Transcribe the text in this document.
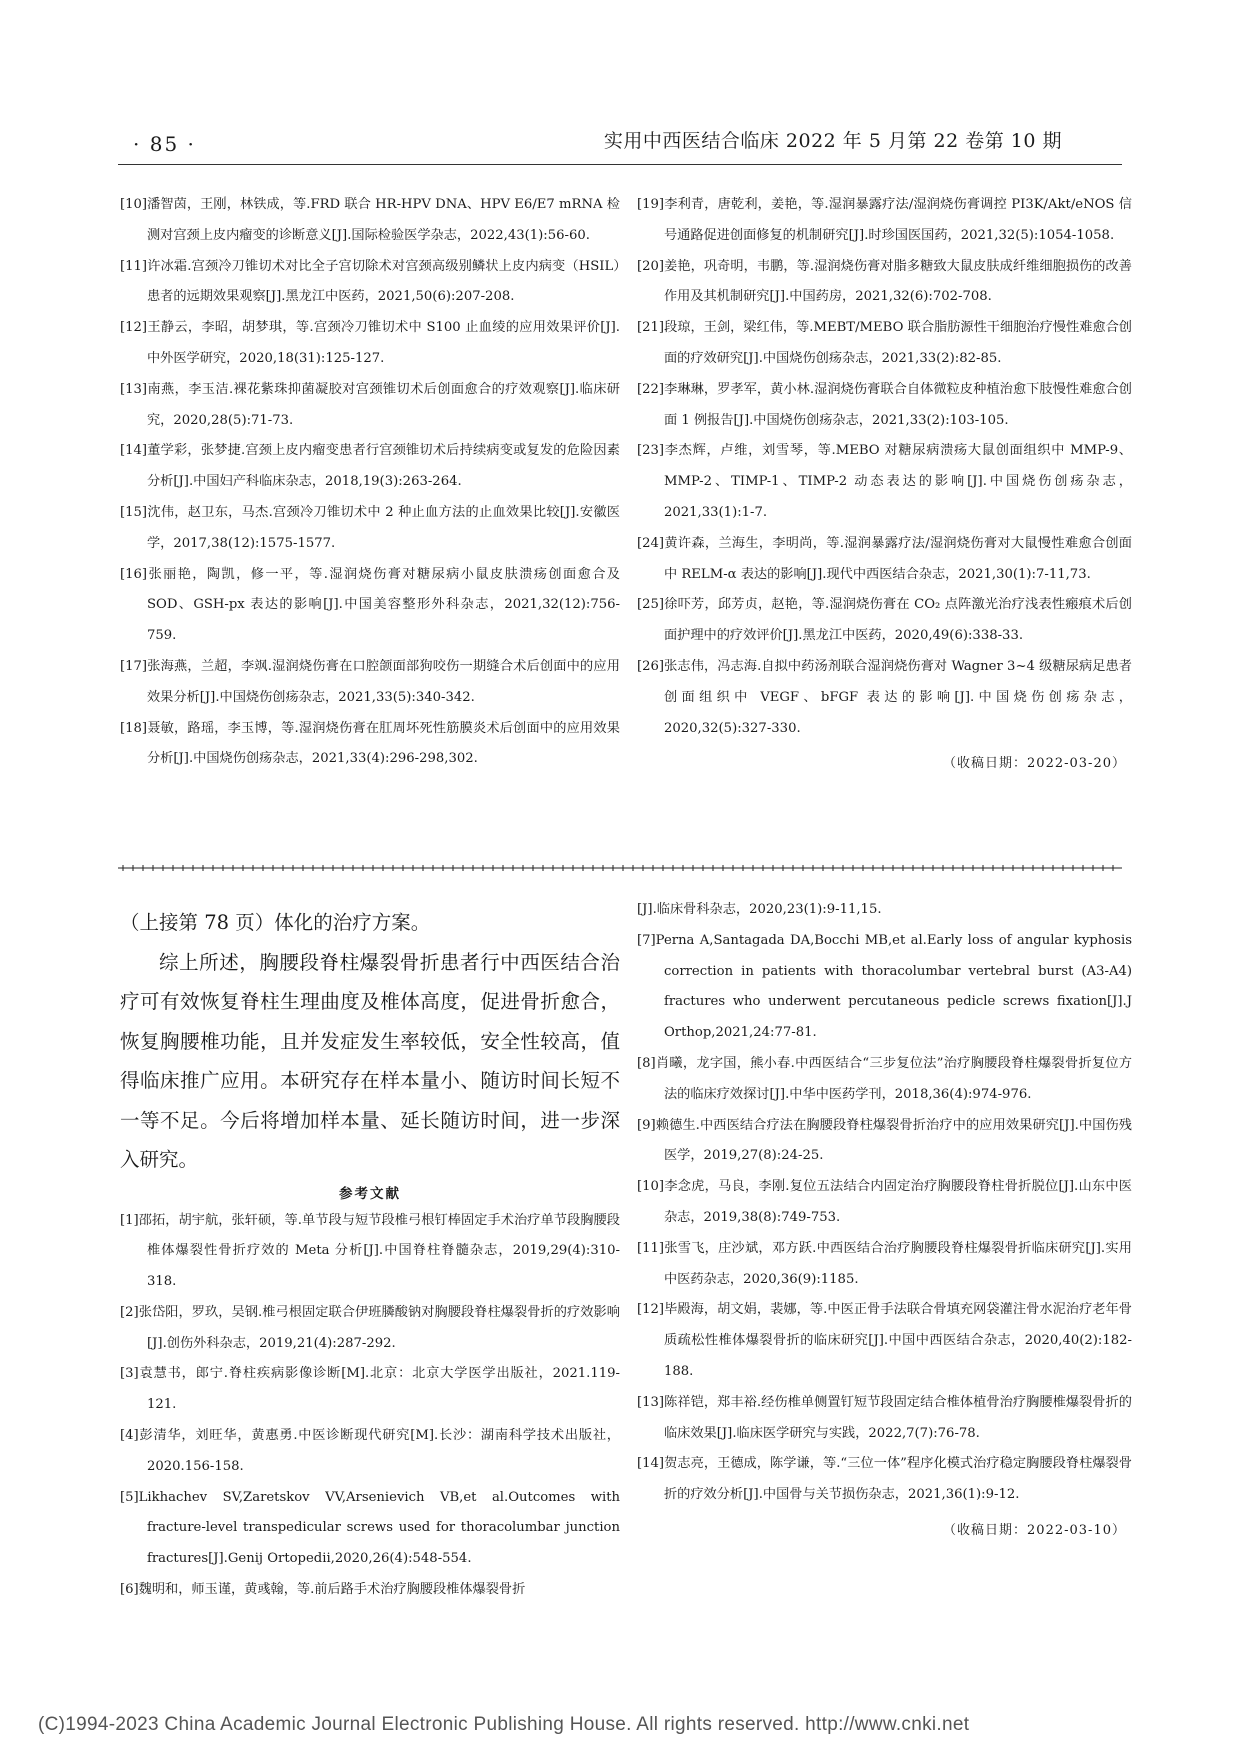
· 85 ·	实用中西医结合临床 2022 年 5 月第 22 卷第 10 期
[10]潘智茵，王刚，林铁成，等.FRD 联合 HR-HPV DNA、HPV E6/E7 mRNA 检测对宫颈上皮内瘤变的诊断意义[J].国际检验医学杂志，2022,43(1):56-60.
[11]许冰霜.宫颈冷刀锥切术对比全子宫切除术对宫颈高级别鳞状上皮内病变（HSIL）患者的远期效果观察[J].黑龙江中医药，2021,50(6):207-208.
[12]王静云，李昭，胡梦琪，等.宫颈冷刀锥切术中 S100 止血绫的应用效果评价[J].中外医学研究，2020,18(31):125-127.
[13]南燕，李玉洁.裸花紫珠抑菌凝胶对宫颈锥切术后创面愈合的疗效观察[J].临床研究，2020,28(5):71-73.
[14]董学彩，张梦捷.宫颈上皮内瘤变患者行宫颈锥切术后持续病变或复发的危险因素分析[J].中国妇产科临床杂志，2018,19(3):263-264.
[15]沈伟，赵卫东，马杰.宫颈冷刀锥切术中 2 种止血方法的止血效果比较[J].安徽医学，2017,38(12):1575-1577.
[16]张丽艳，陶凯，修一平，等.湿润烧伤膏对糖尿病小鼠皮肤溃疡创面愈合及 SOD、GSH-px 表达的影响[J].中国美容整形外科杂志，2021,32(12):756-759.
[17]张海燕，兰超，李飒.湿润烧伤膏在口腔颌面部狗咬伤一期缝合术后创面中的应用效果分析[J].中国烧伤创疡杂志，2021,33(5):340-342.
[18]聂敏，路瑶，李玉博，等.湿润烧伤膏在肛周坏死性筋膜炎术后创面中的应用效果分析[J].中国烧伤创疡杂志，2021,33(4):296-298,302.
[19]李利青，唐乾利，姜艳，等.湿润暴露疗法/湿润烧伤膏调控 PI3K/Akt/eNOS 信号通路促进创面修复的机制研究[J].时珍国医国药，2021,32(5):1054-1058.
[20]姜艳，巩奇明，韦鹏，等.湿润烧伤膏对脂多糖致大鼠皮肤成纤维细胞损伤的改善作用及其机制研究[J].中国药房，2021,32(6):702-708.
[21]段琼，王剑，梁红伟，等.MEBT/MEBO 联合脂肪源性干细胞治疗慢性难愈合创面的疗效研究[J].中国烧伤创疡杂志，2021,33(2):82-85.
[22]李琳琳，罗孝军，黄小林.湿润烧伤膏联合自体微粒皮种植治愈下肢慢性难愈合创面 1 例报告[J].中国烧伤创疡杂志，2021,33(2):103-105.
[23]李杰辉，卢维，刘雪琴，等.MEBO 对糖尿病溃疡大鼠创面组织中 MMP-9、MMP-2、TIMP-1、TIMP-2 动态表达的影响[J].中国烧伤创疡杂志，2021,33(1):1-7.
[24]黄许森，兰海生，李明尚，等.湿润暴露疗法/湿润烧伤膏对大鼠慢性难愈合创面中 RELM-α 表达的影响[J].现代中西医结合杂志，2021,30(1):7-11,73.
[25]徐吓芳，邱芳贞，赵艳，等.湿润烧伤膏在 CO₂ 点阵激光治疗浅表性瘢痕术后创面护理中的疗效评价[J].黑龙江中医药，2020,49(6):338-33.
[26]张志伟，冯志海.自拟中药汤剂联合湿润烧伤膏对 Wagner 3~4 级糖尿病足患者创面组织中 VEGF、bFGF 表达的影响[J].中国烧伤创疡杂志，2020,32(5):327-330.
（收稿日期：2022-03-20）

（上接第 78 页）体化的治疗方案。

综上所述，胸腰段脊柱爆裂骨折患者行中西医结合治疗可有效恢复脊柱生理曲度及椎体高度，促进骨折愈合，恢复胸腰椎功能，且并发症发生率较低，安全性较高，值得临床推广应用。本研究存在样本量小、随访时间长短不一等不足。今后将增加样本量、延长随访时间，进一步深入研究。

参考文献
[1]邵拓，胡宇航，张轩硕，等.单节段与短节段椎弓根钉棒固定手术治疗单节段胸腰段椎体爆裂性骨折疗效的 Meta 分析[J].中国脊柱脊髓杂志，2019,29(4):310-318.
[2]张岱阳，罗玖，吴钢.椎弓根固定联合伊班膦酸钠对胸腰段脊柱爆裂骨折的疗效影响[J].创伤外科杂志，2019,21(4):287-292.
[3]袁慧书，郎宁.脊柱疾病影像诊断[M].北京：北京大学医学出版社，2021.119-121.
[4]彭清华，刘旺华，黄惠勇.中医诊断现代研究[M].长沙：湖南科学技术出版社，2020.156-158.
[5]Likhachev SV,Zaretskov VV,Arsenievich VB,et al.Outcomes with fracture-level transpedicular screws used for thoracolumbar junction fractures[J].Genij Ortopedii,2020,26(4):548-554.
[6]魏明和，师玉谨，黄彧翰，等.前后路手术治疗胸腰段椎体爆裂骨折
[J].临床骨科杂志，2020,23(1):9-11,15.
[7]Perna A,Santagada DA,Bocchi MB,et al.Early loss of angular kyphosis correction in patients with thoracolumbar vertebral burst (A3-A4) fractures who underwent percutaneous pedicle screws fixation[J].J Orthop,2021,24:77-81.
[8]肖曦，龙字国，熊小春.中西医结合“三步复位法”治疗胸腰段脊柱爆裂骨折复位方法的临床疗效探讨[J].中华中医药学刊，2018,36(4):974-976.
[9]赖德生.中西医结合疗法在胸腰段脊柱爆裂骨折治疗中的应用效果研究[J].中国伤残医学，2019,27(8):24-25.
[10]李念虎，马良，李刚.复位五法结合内固定治疗胸腰段脊柱骨折脱位[J].山东中医杂志，2019,38(8):749-753.
[11]张雪飞，庄沙斌，邓方跃.中西医结合治疗胸腰段脊柱爆裂骨折临床研究[J].实用中医药杂志，2020,36(9):1185.
[12]毕殿海，胡文娟，裴娜，等.中医正骨手法联合骨填充网袋灌注骨水泥治疗老年骨质疏松性椎体爆裂骨折的临床研究[J].中国中西医结合杂志，2020,40(2):182-188.
[13]陈祥铠，郑丰裕.经伤椎单侧置钉短节段固定结合椎体植骨治疗胸腰椎爆裂骨折的临床效果[J].临床医学研究与实践，2022,7(7):76-78.
[14]贺志亮，王德成，陈学谦，等.“三位一体”程序化模式治疗稳定胸腰段脊柱爆裂骨折的疗效分析[J].中国骨与关节损伤杂志，2021,36(1):9-12.
（收稿日期：2022-03-10）
(C)1994-2023 China Academic Journal Electronic Publishing House. All rights reserved. http://www.cnki.net
